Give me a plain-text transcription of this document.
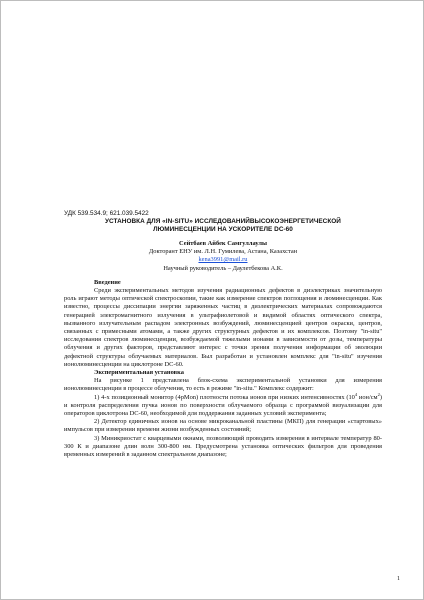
УДК 539.534.9; 621.039.5422

УСТАНОВКА ДЛЯ «IN-SITU» ИССЛЕДОВАНИЙВЫСОКОЭНЕРГЕТИЧЕСКОЙ
ЛЮМИНЕСЦЕНЦИИ НА УСКОРИТЕЛЕ DC-60

Сейтбаев Айбек Самгуллаулы
Докторант ЕНУ им. Л.Н. Гумилева, Астана, Казахстан
kena3991@mail.ru
Научный руководитель – Даулетбекова А.К.
Введение

Среди экспериментальных методов изучения радиационных дефектов в диэлектриках значительную роль играют методы оптической спектроскопии, такие как измерение спектров поглощения и люминесценции. Как известно, процессы диссипации энергии заряженных частиц в диэлектрических материалах сопровождаются генерацией электромагнитного излучения в ультрафиолетовой и видимой областях оптического спектра, вызванного излучательным распадом электронных возбуждений, люминесценцией центров окраски, центров, связанных с примесными атомами, а также других структурных дефектов и их комплексов. Поэтому "in-situ" исследования спектров люминесценции, возбуждаемой тяжелыми ионами в зависимости от дозы, температуры облучения и других факторов, представляют интерес с точки зрения получения информации об эволюции дефектной структуры облучаемых материалов. Был разработан и установлен комплекс для "in-situ" изучения ионолюминесценции на циклотроне DC-60.

Экспериментальная установка

На рисунке 1 представлена блок-схема экспериментальной установки для измерения ионолюминесценции в процессе облучения, то есть в режиме "in-situ." Комплекс содержит:

1) 4-х позиционный монитор (4pMon) плотности потока ионов при низких интенсивностях ($10^4$ ион/$см^2$) и контроля распределения пучка ионов по поверхности облучаемого образца с программой визуализации для операторов циклотрона DC-60, необходимой для поддержания заданных условий эксперимента;

2) Детектор единичных ионов на основе микроканальной пластины (МКП) для генерации «стартовых» импульсов при измерении времени жизни возбужденных состояний;

3) Миникриостат с кварцевыми окнами, позволяющий проводить измерения в интервале температур 80-300 К и диапазоне длин волн 300-800 нм. Предусмотрена установка оптических фильтров для проведения временных измерений в заданном спектральном диапазоне;

1
